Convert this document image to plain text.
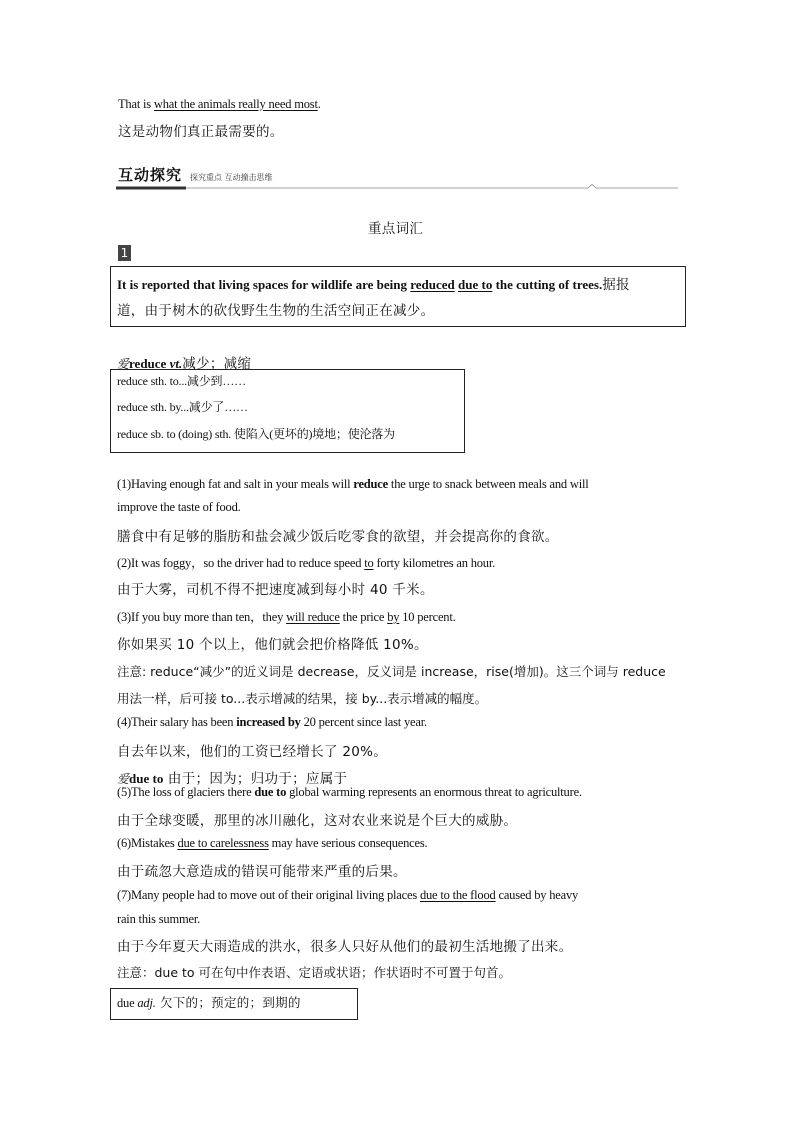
That is what the animals really need most.
这是动物们真正最需要的。
互动探究 探究重点 互动撞击思维
重点词汇
1
It is reported that living spaces for wildlife are being reduced due to the cutting of trees.据报
道，由于树木的砍伐野生生物的生活空间正在减少。
爱reduce vt.减少；减缩
reduce sth. to...减少到……
reduce sth. by...减少了……
reduce sb. to (doing) sth. 使陷入(更坏的)境地；使沦落为
(1)Having enough fat and salt in your meals will reduce the urge to snack between meals and will
improve the taste of food.
膳食中有足够的脂肪和盐会减少饭后吃零食的欲望，并会提高你的食欲。
(2)It was foggy，so the driver had to reduce speed to forty kilometres an hour.
由于大雾，司机不得不把速度减到每小时 40 千米。
(3)If you buy more than ten，they will reduce the price by 10 percent.
你如果买 10 个以上，他们就会把价格降低 10%。
注意: reduce“减少”的近义词是 decrease，反义词是 increase，rise(增加)。这三个词与 reduce
用法一样，后可接 to...表示增减的结果，接 by...表示增减的幅度。
(4)Their salary has been increased by 20 percent since last year.
自去年以来，他们的工资已经增长了 20%。
爱due to 由于；因为；归功于；应属于
(5)The loss of glaciers there due to global warming represents an enormous threat to agriculture.
由于全球变暖，那里的冰川融化，这对农业来说是个巨大的威胁。
(6)Mistakes due to carelessness may have serious consequences.
由于疏忽大意造成的错误可能带来严重的后果。
(7)Many people had to move out of their original living places due to the flood caused by heavy
rain this summer.
由于今年夏天大雨造成的洪水，很多人只好从他们的最初生活地搬了出来。
注意：due to 可在句中作表语、定语或状语；作状语时不可置于句首。
due adj. 欠下的；预定的；到期的
